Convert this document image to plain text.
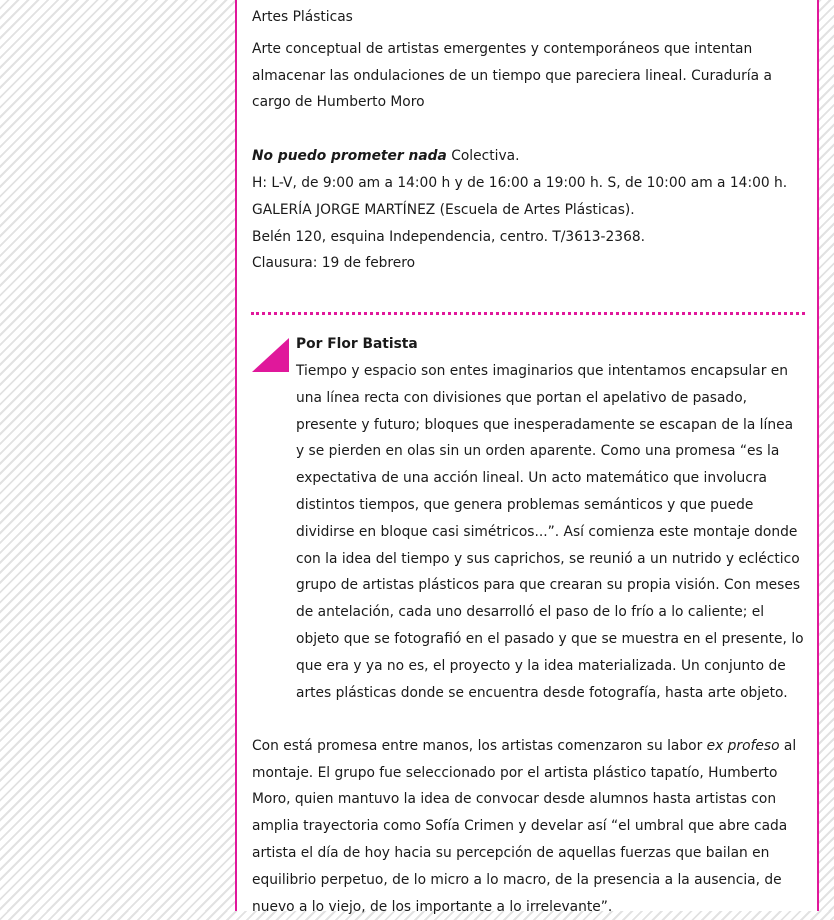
Artes Plásticas

Arte conceptual de artistas emergentes y contemporáneos que intentan almacenar las ondulaciones de un tiempo que pareciera lineal. Curaduría a cargo de Humberto Moro

No puedo prometer nada Colectiva.

H: L-V, de 9:00 am a 14:00 h y de 16:00 a 19:00 h. S, de 10:00 am a 14:00 h.

GALERÍA JORGE MARTÍNEZ (Escuela de Artes Plásticas).

Belén 120, esquina Independencia, centro. T/3613-2368.

Clausura: 19 de febrero

Por Flor Batista

Tiempo y espacio son entes imaginarios que intentamos encapsular en una línea recta con divisiones que portan el apelativo de pasado, presente y futuro; bloques que inesperadamente se escapan de la línea y se pierden en olas sin un orden aparente. Como una promesa “es la expectativa de una acción lineal. Un acto matemático que involucra distintos tiempos, que genera problemas semánticos y que puede dividirse en bloque casi simétricos...”. Así comienza este montaje donde con la idea del tiempo y sus caprichos, se reunió a un nutrido y ecléctico grupo de artistas plásticos para que crearan su propia visión. Con meses de antelación, cada uno desarrolló el paso de lo frío a lo caliente; el objeto que se fotografió en el pasado y que se muestra en el presente, lo que era y ya no es, el proyecto y la idea materializada. Un conjunto de artes plásticas donde se encuentra desde fotografía, hasta arte objeto.

Con está promesa entre manos, los artistas comenzaron su labor ex profeso al montaje. El grupo fue seleccionado por el artista plástico tapatío, Humberto Moro, quien mantuvo la idea de convocar desde alumnos hasta artistas con amplia trayectoria como Sofía Crimen y develar así “el umbral que abre cada artista el día de hoy hacia su percepción de aquellas fuerzas que bailan en equilibrio perpetuo, de lo micro a lo macro, de la presencia a la ausencia, de nuevo a lo viejo, de los importante a lo irrelevante”.
